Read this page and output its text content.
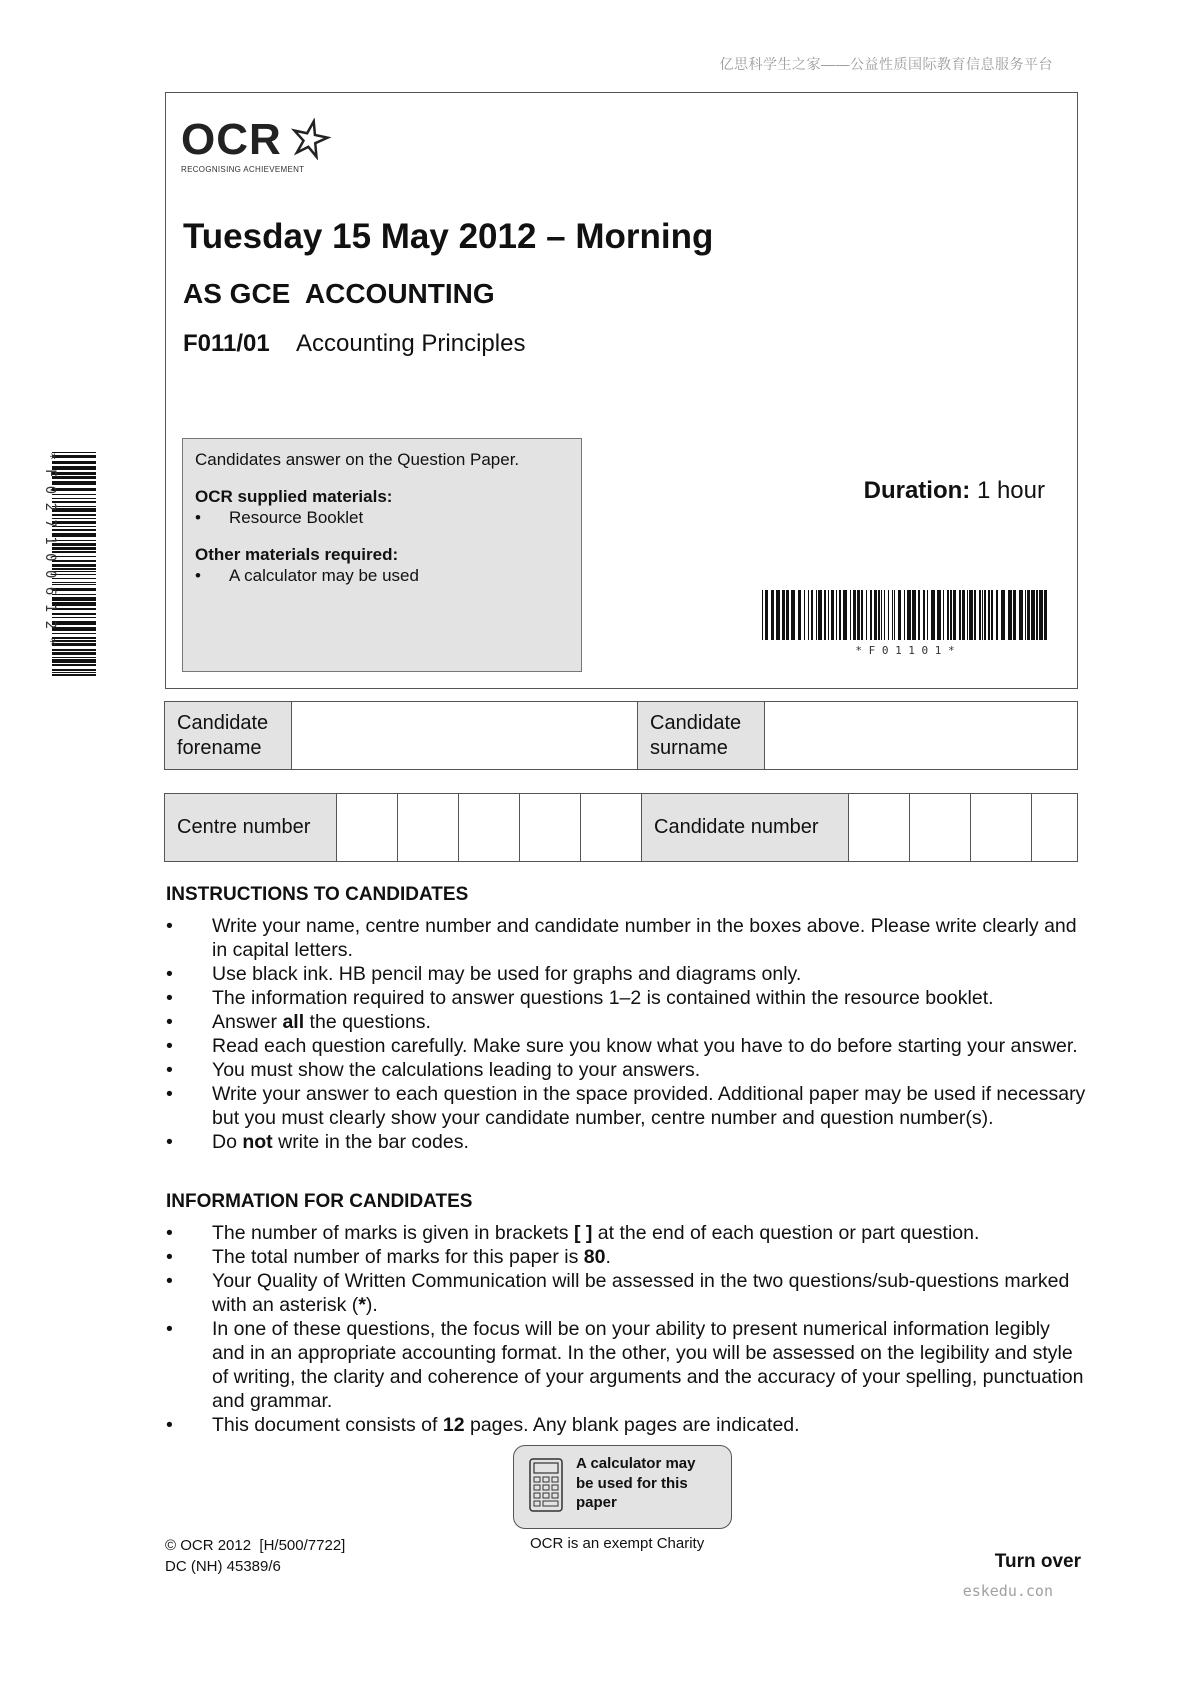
亿思科学生之家——公益性质国际教育信息服务平台
OCR
RECOGNISING ACHIEVEMENT
Tuesday 15 May 2012 – Morning
AS GCE  ACCOUNTING
F011/01 Accounting Principles
Candidates answer on the Question Paper.
OCR supplied materials:
• Resource Booklet
Other materials required:
• A calculator may be used
Duration: 1 hour
* F 0 1 1 0 1 *
* F 0 2 7 1 0 0 6 1 2 *
Candidate forename		Candidate surname	
Centre number						Candidate number				
INSTRUCTIONS TO CANDIDATES
• Write your name, centre number and candidate number in the boxes above. Please write clearly and in capital letters.
• Use black ink. HB pencil may be used for graphs and diagrams only.
• The information required to answer questions 1–2 is contained within the resource booklet.
• Answer all the questions.
• Read each question carefully. Make sure you know what you have to do before starting your answer.
• You must show the calculations leading to your answers.
• Write your answer to each question in the space provided. Additional paper may be used if necessary but you must clearly show your candidate number, centre number and question number(s).
• Do not write in the bar codes.
INFORMATION FOR CANDIDATES
• The number of marks is given in brackets [ ] at the end of each question or part question.
• The total number of marks for this paper is 80.
• Your Quality of Written Communication will be assessed in the two questions/sub-questions marked with an asterisk (*).
• In one of these questions, the focus will be on your ability to present numerical information legibly and in an appropriate accounting format. In the other, you will be assessed on the legibility and style of writing, the clarity and coherence of your arguments and the accuracy of your spelling, punctuation and grammar.
• This document consists of 12 pages. Any blank pages are indicated.
A calculator may be used for this paper
© OCR 2012  [H/500/7722]
DC (NH) 45389/6
OCR is an exempt Charity
Turn over
eskedu.con
